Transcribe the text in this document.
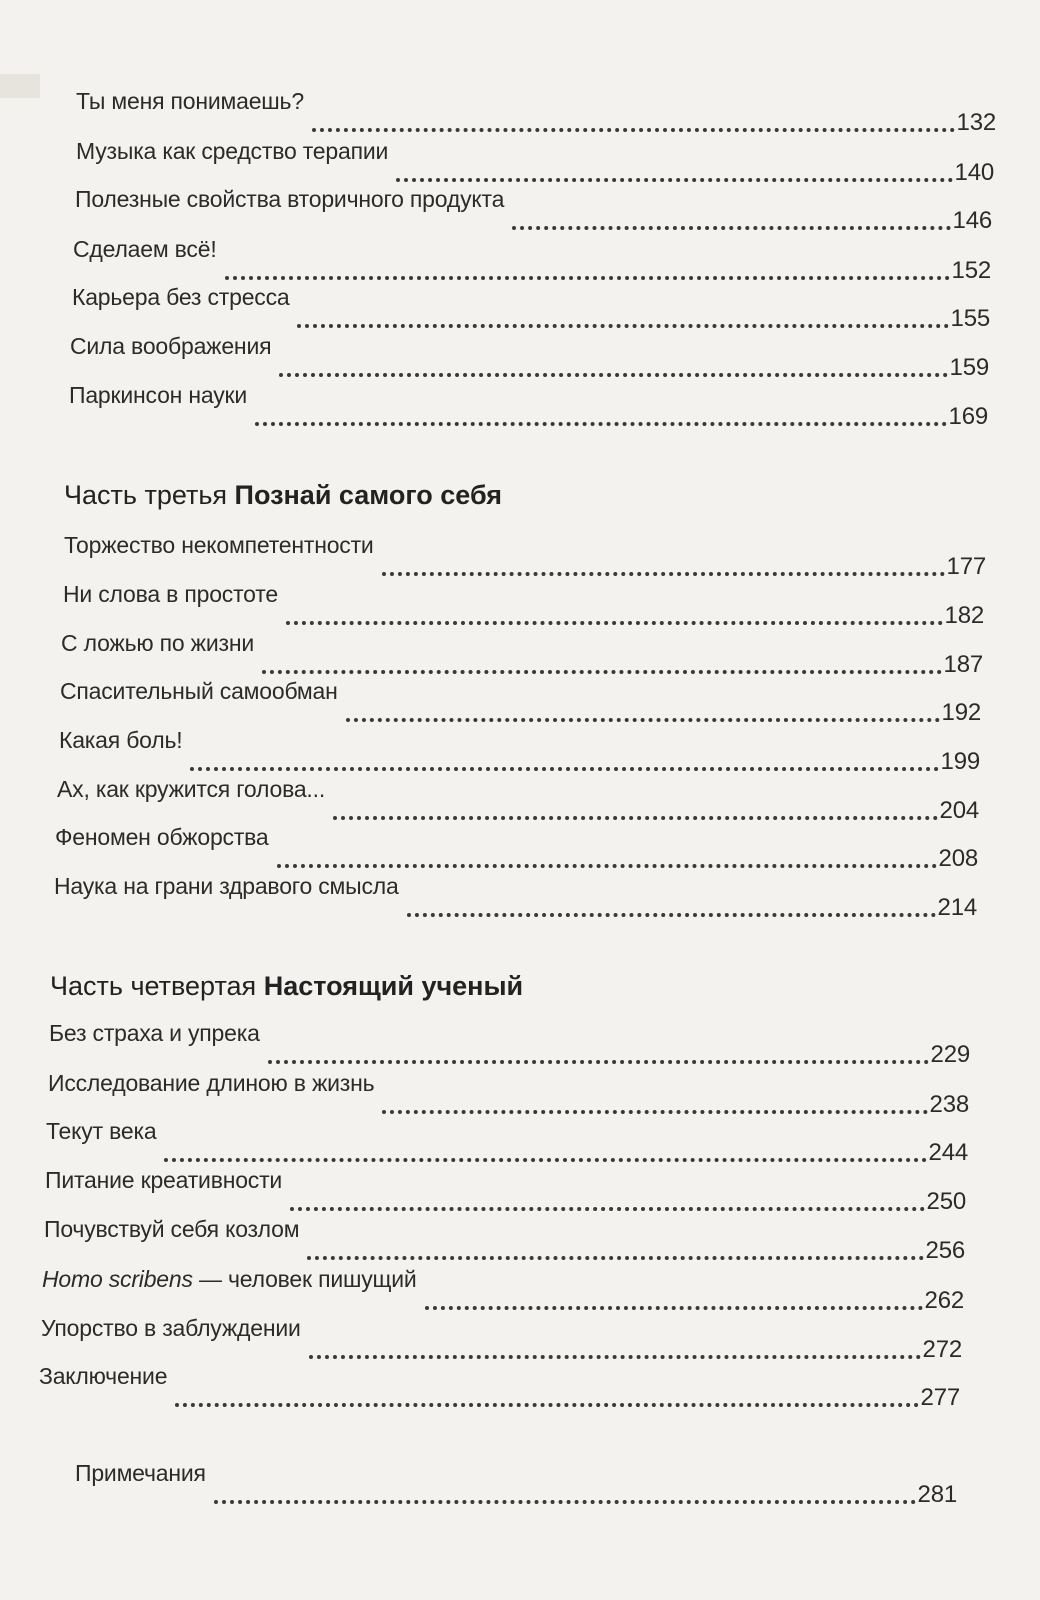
Ты меня понимаешь?
132
Музыка как средство терапии
140
Полезные свойства вторичного продукта
146
Сделаем всё!
152
Карьера без стресса
155
Сила воображения
159
Паркинсон науки
169
Часть третья Познай самого себя
Торжество некомпетентности
177
Ни слова в простоте
182
С ложью по жизни
187
Спасительный самообман
192
Какая боль!
199
Ах, как кружится голова...
204
Феномен обжорства
208
Наука на грани здравого смысла
214
Часть четвертая Настоящий ученый
Без страха и упрека
229
Исследование длиною в жизнь
238
Текут века
244
Питание креативности
250
Почувствуй себя козлом
256
Homo scribens — человек пишущий
262
Упорство в заблуждении
272
Заключение
277
Примечания
281
